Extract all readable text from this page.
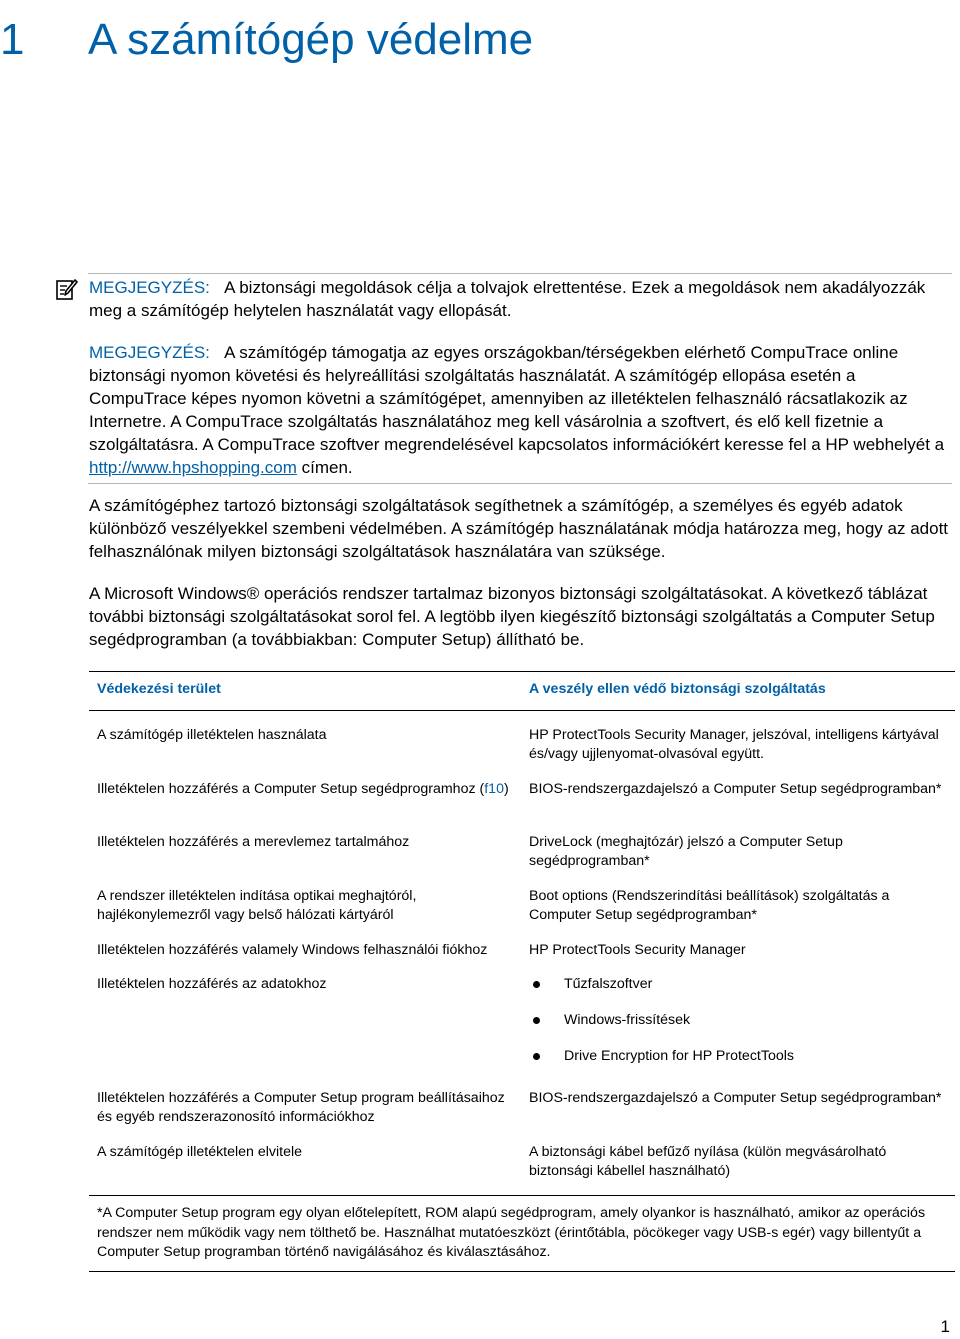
1 A számítógép védelme

MEGJEGYZÉS: A biztonsági megoldások célja a tolvajok elrettentése. Ezek a megoldások nem akadályozzák meg a számítógép helytelen használatát vagy ellopását.

MEGJEGYZÉS: A számítógép támogatja az egyes országokban/térségekben elérhető CompuTrace online biztonsági nyomon követési és helyreállítási szolgáltatás használatát. A számítógép ellopása esetén a CompuTrace képes nyomon követni a számítógépet, amennyiben az illetéktelen felhasználó rácsatlakozik az Internetre. A CompuTrace szolgáltatás használatához meg kell vásárolnia a szoftvert, és elő kell fizetnie a szolgáltatásra. A CompuTrace szoftver megrendelésével kapcsolatos információkért keresse fel a HP webhelyét a http://www.hpshopping.com címen.

A számítógéphez tartozó biztonsági szolgáltatások segíthetnek a számítógép, a személyes és egyéb adatok különböző veszélyekkel szembeni védelmében. A számítógép használatának módja határozza meg, hogy az adott felhasználónak milyen biztonsági szolgáltatások használatára van szüksége.

A Microsoft Windows® operációs rendszer tartalmaz bizonyos biztonsági szolgáltatásokat. A következő táblázat további biztonsági szolgáltatásokat sorol fel. A legtöbb ilyen kiegészítő biztonsági szolgáltatás a Computer Setup segédprogramban (a továbbiakban: Computer Setup) állítható be.

Védekezési terület	A veszély ellen védő biztonsági szolgáltatás
A számítógép illetéktelen használata	HP ProtectTools Security Manager, jelszóval, intelligens kártyával és/vagy ujjlenyomat-olvasóval együtt.
Illetéktelen hozzáférés a Computer Setup segédprogramhoz (f10)	BIOS-rendszergazdajelszó a Computer Setup segédprogramban*
Illetéktelen hozzáférés a merevlemez tartalmához	DriveLock (meghajtózár) jelszó a Computer Setup segédprogramban*
A rendszer illetéktelen indítása optikai meghajtóról, hajlékonylemezről vagy belső hálózati kártyáról	Boot options (Rendszerindítási beállítások) szolgáltatás a Computer Setup segédprogramban*
Illetéktelen hozzáférés valamely Windows felhasználói fiókhoz	HP ProtectTools Security Manager
Illetéktelen hozzáférés az adatokhoz	Tűzfalszoftver
Windows-frissítések
Drive Encryption for HP ProtectTools

Illetéktelen hozzáférés a Computer Setup program beállításaihoz és egyéb rendszerazonosító információkhoz	BIOS-rendszergazdajelszó a Computer Setup segédprogramban*
A számítógép illetéktelen elvitele	A biztonsági kábel befűző nyílása (külön megvásárolható biztonsági kábellel használható)
*A Computer Setup program egy olyan előtelepített, ROM alapú segédprogram, amely olyankor is használható, amikor az operációs rendszer nem működik vagy nem tölthető be. Használhat mutatóeszközt (érintőtábla, pöcökeger vagy USB-s egér) vagy billentyűt a Computer Setup programban történő navigálásához és kiválasztásához.	
1
